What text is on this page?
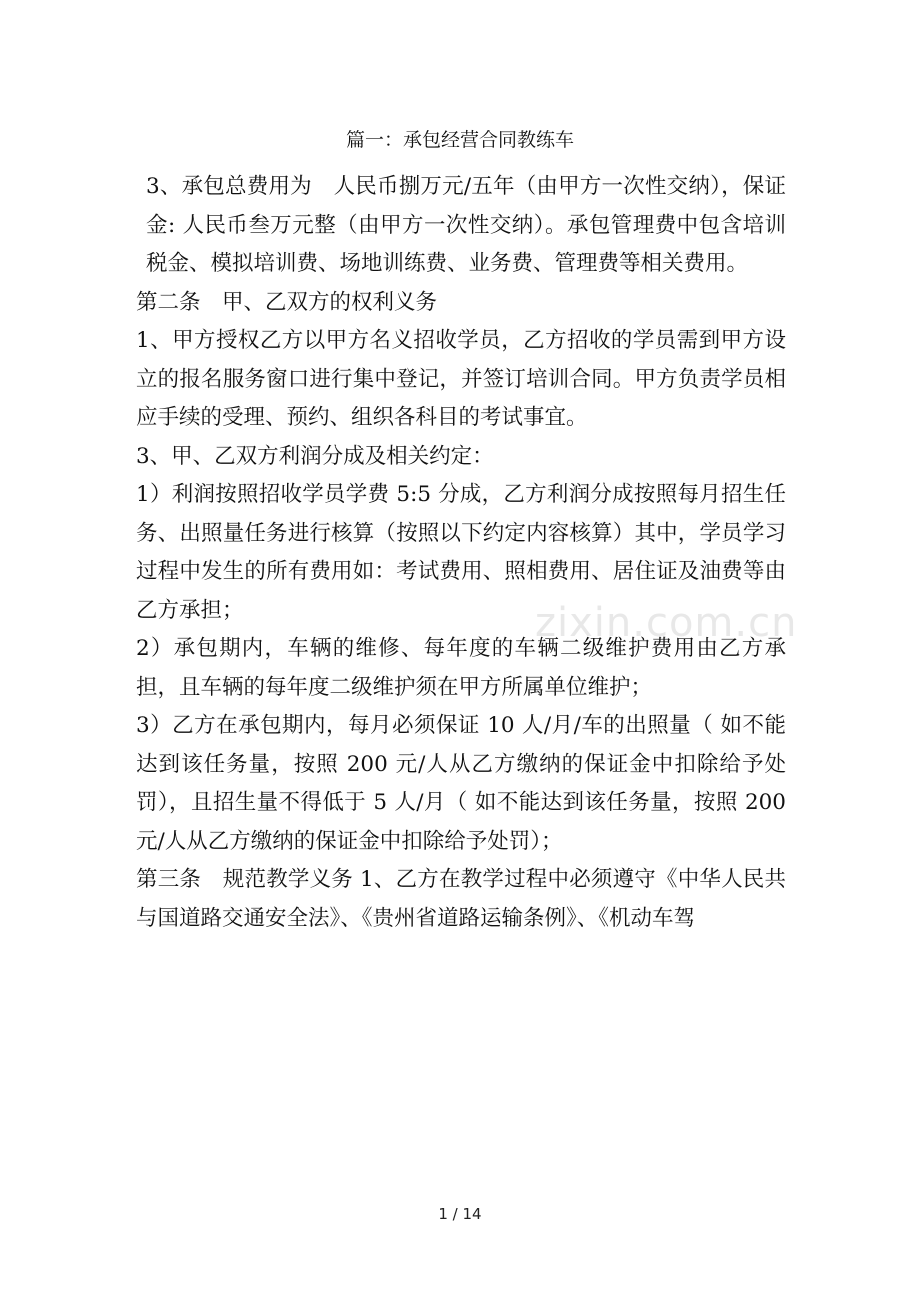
篇一：承包经营合同教练车

3、承包总费用为　人民币捌万元/五年（由甲方一次性交纳），保证金: 人民币叁万元整（由甲方一次性交纳）。承包管理费中包含培训税金、模拟培训费、场地训练费、业务费、管理费等相关费用。

第二条　甲、乙双方的权利义务

1、甲方授权乙方以甲方名义招收学员，乙方招收的学员需到甲方设立的报名服务窗口进行集中登记，并签订培训合同。甲方负责学员相应手续的受理、预约、组织各科目的考试事宜。

3、甲、乙双方利润分成及相关约定：

1）利润按照招收学员学费 5:5 分成，乙方利润分成按照每月招生任务、出照量任务进行核算（按照以下约定内容核算）其中，学员学习过程中发生的所有费用如：考试费用、照相费用、居住证及油费等由乙方承担；

2）承包期内，车辆的维修、每年度的车辆二级维护费用由乙方承担，且车辆的每年度二级维护须在甲方所属单位维护；

3）乙方在承包期内，每月必须保证 10 人/月/车的出照量（ 如不能达到该任务量，按照 200 元/人从乙方缴纳的保证金中扣除给予处罚），且招生量不得低于 5 人/月（ 如不能达到该任务量，按照 200 元/人从乙方缴纳的保证金中扣除给予处罚）；

第三条　规范教学义务 1、乙方在教学过程中必须遵守《中华人民共与国道路交通安全法》、《贵州省道路运输条例》、《机动车驾

zixin.com.cn
1 / 14
